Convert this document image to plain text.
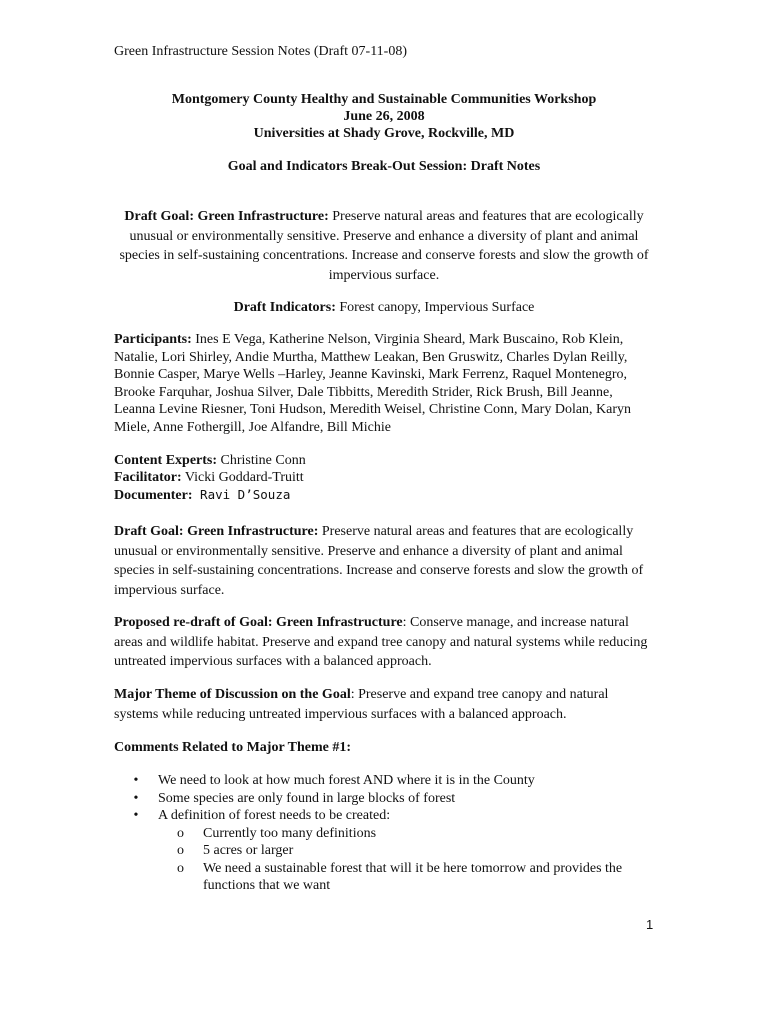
Green Infrastructure Session Notes (Draft 07-11-08)
Montgomery County Healthy and Sustainable Communities Workshop
June 26, 2008
Universities at Shady Grove, Rockville, MD
Goal and Indicators Break-Out Session: Draft Notes
Draft Goal: Green Infrastructure: Preserve natural areas and features that are ecologically unusual or environmentally sensitive. Preserve and enhance a diversity of plant and animal species in self-sustaining concentrations. Increase and conserve forests and slow the growth of impervious surface.
Draft Indicators: Forest canopy, Impervious Surface
Participants: Ines E Vega, Katherine Nelson, Virginia Sheard, Mark Buscaino, Rob Klein, Natalie, Lori Shirley, Andie Murtha, Matthew Leakan, Ben Gruswitz, Charles Dylan Reilly, Bonnie Casper, Marye Wells –Harley, Jeanne Kavinski, Mark Ferrenz, Raquel Montenegro, Brooke Farquhar, Joshua Silver, Dale Tibbitts, Meredith Strider, Rick Brush, Bill Jeanne, Leanna Levine Riesner, Toni Hudson, Meredith Weisel, Christine Conn, Mary Dolan, Karyn Miele, Anne Fothergill, Joe Alfandre, Bill Michie
Content Experts: Christine Conn
Facilitator: Vicki Goddard-Truitt
Documenter: Ravi D’Souza
Draft Goal: Green Infrastructure: Preserve natural areas and features that are ecologically unusual or environmentally sensitive. Preserve and enhance a diversity of plant and animal species in self-sustaining concentrations. Increase and conserve forests and slow the growth of impervious surface.
Proposed re-draft of Goal: Green Infrastructure: Conserve manage, and increase natural areas and wildlife habitat. Preserve and expand tree canopy and natural systems while reducing untreated impervious surfaces with a balanced approach.
Major Theme of Discussion on the Goal: Preserve and expand tree canopy and natural systems while reducing untreated impervious surfaces with a balanced approach.
Comments Related to Major Theme #1:
•	We need to look at how much forest AND where it is in the County
•	Some species are only found in large blocks of forest
•	A definition of forest needs to be created:
o	Currently too many definitions
o	5 acres or larger
o	We need a sustainable forest that will it be here tomorrow and provides the functions that we want
1
